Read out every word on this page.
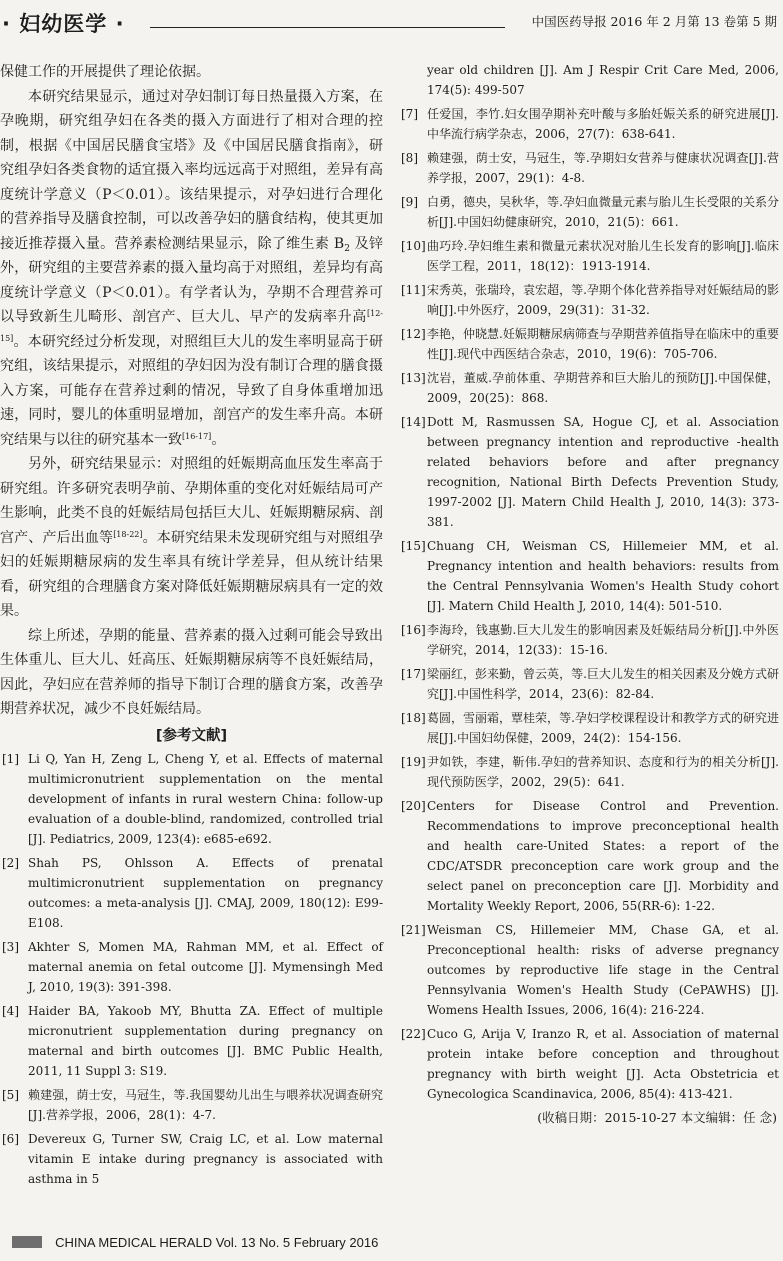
· 妇幼医学 ·	中国医药导报 2016 年 2 月第 13 卷第 5 期

保健工作的开展提供了理论依据。

本研究结果显示，通过对孕妇制订每日热量摄入方案，在孕晚期，研究组孕妇在各类的摄入方面进行了相对合理的控制，根据《中国居民膳食宝塔》及《中国居民膳食指南》，研究组孕妇各类食物的适宜摄入率均远远高于对照组，差异有高度统计学意义（P＜0.01）。该结果提示，对孕妇进行合理化的营养指导及膳食控制，可以改善孕妇的膳食结构，使其更加接近推荐摄入量。营养素检测结果显示，除了维生素 $B_2$ 及锌外，研究组的主要营养素的摄入量均高于对照组，差异均有高度统计学意义（P＜0.01）。有学者认为，孕期不合理营养可以导致新生儿畸形、剖宫产、巨大儿、早产的发病率升高[12-15]。本研究经过分析发现，对照组巨大儿的发生率明显高于研究组，该结果提示，对照组的孕妇因为没有制订合理的膳食摄入方案，可能存在营养过剩的情况，导致了自身体重增加迅速，同时，婴儿的体重明显增加，剖宫产的发生率升高。本研究结果与以往的研究基本一致[16-17]。

另外，研究结果显示：对照组的妊娠期高血压发生率高于研究组。许多研究表明孕前、孕期体重的变化对妊娠结局可产生影响，此类不良的妊娠结局包括巨大儿、妊娠期糖尿病、剖宫产、产后出血等[18-22]。本研究结果未发现研究组与对照组孕妇的妊娠期糖尿病的发生率具有统计学差异，但从统计结果看，研究组的合理膳食方案对降低妊娠期糖尿病具有一定的效果。

综上所述，孕期的能量、营养素的摄入过剩可能会导致出生体重儿、巨大儿、妊高压、妊娠期糖尿病等不良妊娠结局，因此，孕妇应在营养师的指导下制订合理的膳食方案，改善孕期营养状况，减少不良妊娠结局。

[参考文献]
[1] Li Q, Yan H, Zeng L, Cheng Y, et al. Effects of maternal multimicronutrient supplementation on the mental development of infants in rural western China: follow-up evaluation of a double-blind, randomized, controlled trial [J]. Pediatrics, 2009, 123(4): e685-e692.
[2] Shah PS, Ohlsson A. Effects of prenatal multimicronutrient supplementation on pregnancy outcomes: a meta-analysis [J]. CMAJ, 2009, 180(12): E99-E108.
[3] Akhter S, Momen MA, Rahman MM, et al. Effect of maternal anemia on fetal outcome [J]. Mymensingh Med J, 2010, 19(3): 391-398.
[4] Haider BA, Yakoob MY, Bhutta ZA. Effect of multiple micronutrient supplementation during pregnancy on maternal and birth outcomes [J]. BMC Public Health, 2011, 11 Suppl 3: S19.
[5] 赖建强，荫士安，马冠生，等.我国婴幼儿出生与喂养状况调查研究[J].营养学报，2006，28(1)：4-7.
[6] Devereux G, Turner SW, Craig LC, et al. Low maternal vitamin E intake during pregnancy is associated with asthma in 5
year old children [J]. Am J Respir Crit Care Med, 2006, 174(5): 499-507
[7] 任爱国，李竹.妇女围孕期补充叶酸与多胎妊娠关系的研究进展[J].中华流行病学杂志，2006，27(7)：638-641.
[8] 赖建强，荫士安，马冠生，等.孕期妇女营养与健康状况调查[J].营养学报，2007，29(1)：4-8.
[9] 白勇，德央，吴秋华，等.孕妇血微量元素与胎儿生长受限的关系分析[J].中国妇幼健康研究，2010，21(5)：661.
[10] 曲巧玲.孕妇维生素和微量元素状况对胎儿生长发育的影响[J].临床医学工程，2011，18(12)：1913-1914.
[11] 宋秀英，张瑞玲，袁宏超，等.孕期个体化营养指导对妊娠结局的影响[J].中外医疗，2009，29(31)：31-32.
[12] 李艳，仲晓慧.妊娠期糖尿病筛查与孕期营养值指导在临床中的重要性[J].现代中西医结合杂志，2010，19(6)：705-706.
[13] 沈岩，董威.孕前体重、孕期营养和巨大胎儿的预防[J].中国保健，2009，20(25)：868.
[14] Dott M, Rasmussen SA, Hogue CJ, et al. Association between pregnancy intention and reproductive -health related behaviors before and after pregnancy recognition, National Birth Defects Prevention Study, 1997-2002 [J]. Matern Child Health J, 2010, 14(3): 373-381.
[15] Chuang CH, Weisman CS, Hillemeier MM, et al. Pregnancy intention and health behaviors: results from the Central Pennsylvania Women's Health Study cohort [J]. Matern Child Health J, 2010, 14(4): 501-510.
[16] 李海玲，钱惠勤.巨大儿发生的影响因素及妊娠结局分析[J].中外医学研究，2014，12(33)：15-16.
[17] 梁丽红，彭来勤，曾云英，等.巨大儿发生的相关因素及分娩方式研究[J].中国性科学，2014，23(6)：82-84.
[18] 葛圆，雪丽霜，覃桂荣，等.孕妇学校课程设计和教学方式的研究进展[J].中国妇幼保健，2009，24(2)：154-156.
[19] 尹如铁，李建，靳伟.孕妇的营养知识、态度和行为的相关分析[J].现代预防医学，2002，29(5)：641.
[20] Centers for Disease Control and Prevention. Recommendations to improve preconceptional health and health care-United States: a report of the CDC/ATSDR preconception care work group and the select panel on preconception care [J]. Morbidity and Mortality Weekly Report, 2006, 55(RR-6): 1-22.
[21] Weisman CS, Hillemeier MM, Chase GA, et al. Preconceptional health: risks of adverse pregnancy outcomes by reproductive life stage in the Central Pennsylvania Women's Health Study (CePAWHS) [J]. Womens Health Issues, 2006, 16(4): 216-224.
[22] Cuco G, Arija V, Iranzo R, et al. Association of maternal protein intake before conception and throughout pregnancy with birth weight [J]. Acta Obstetricia et Gynecologica Scandinavica, 2006, 85(4): 413-421.
(收稿日期：2015-10-27 本文编辑：任 念)
CHINA MEDICAL HERALD Vol. 13 No. 5 February 2016
